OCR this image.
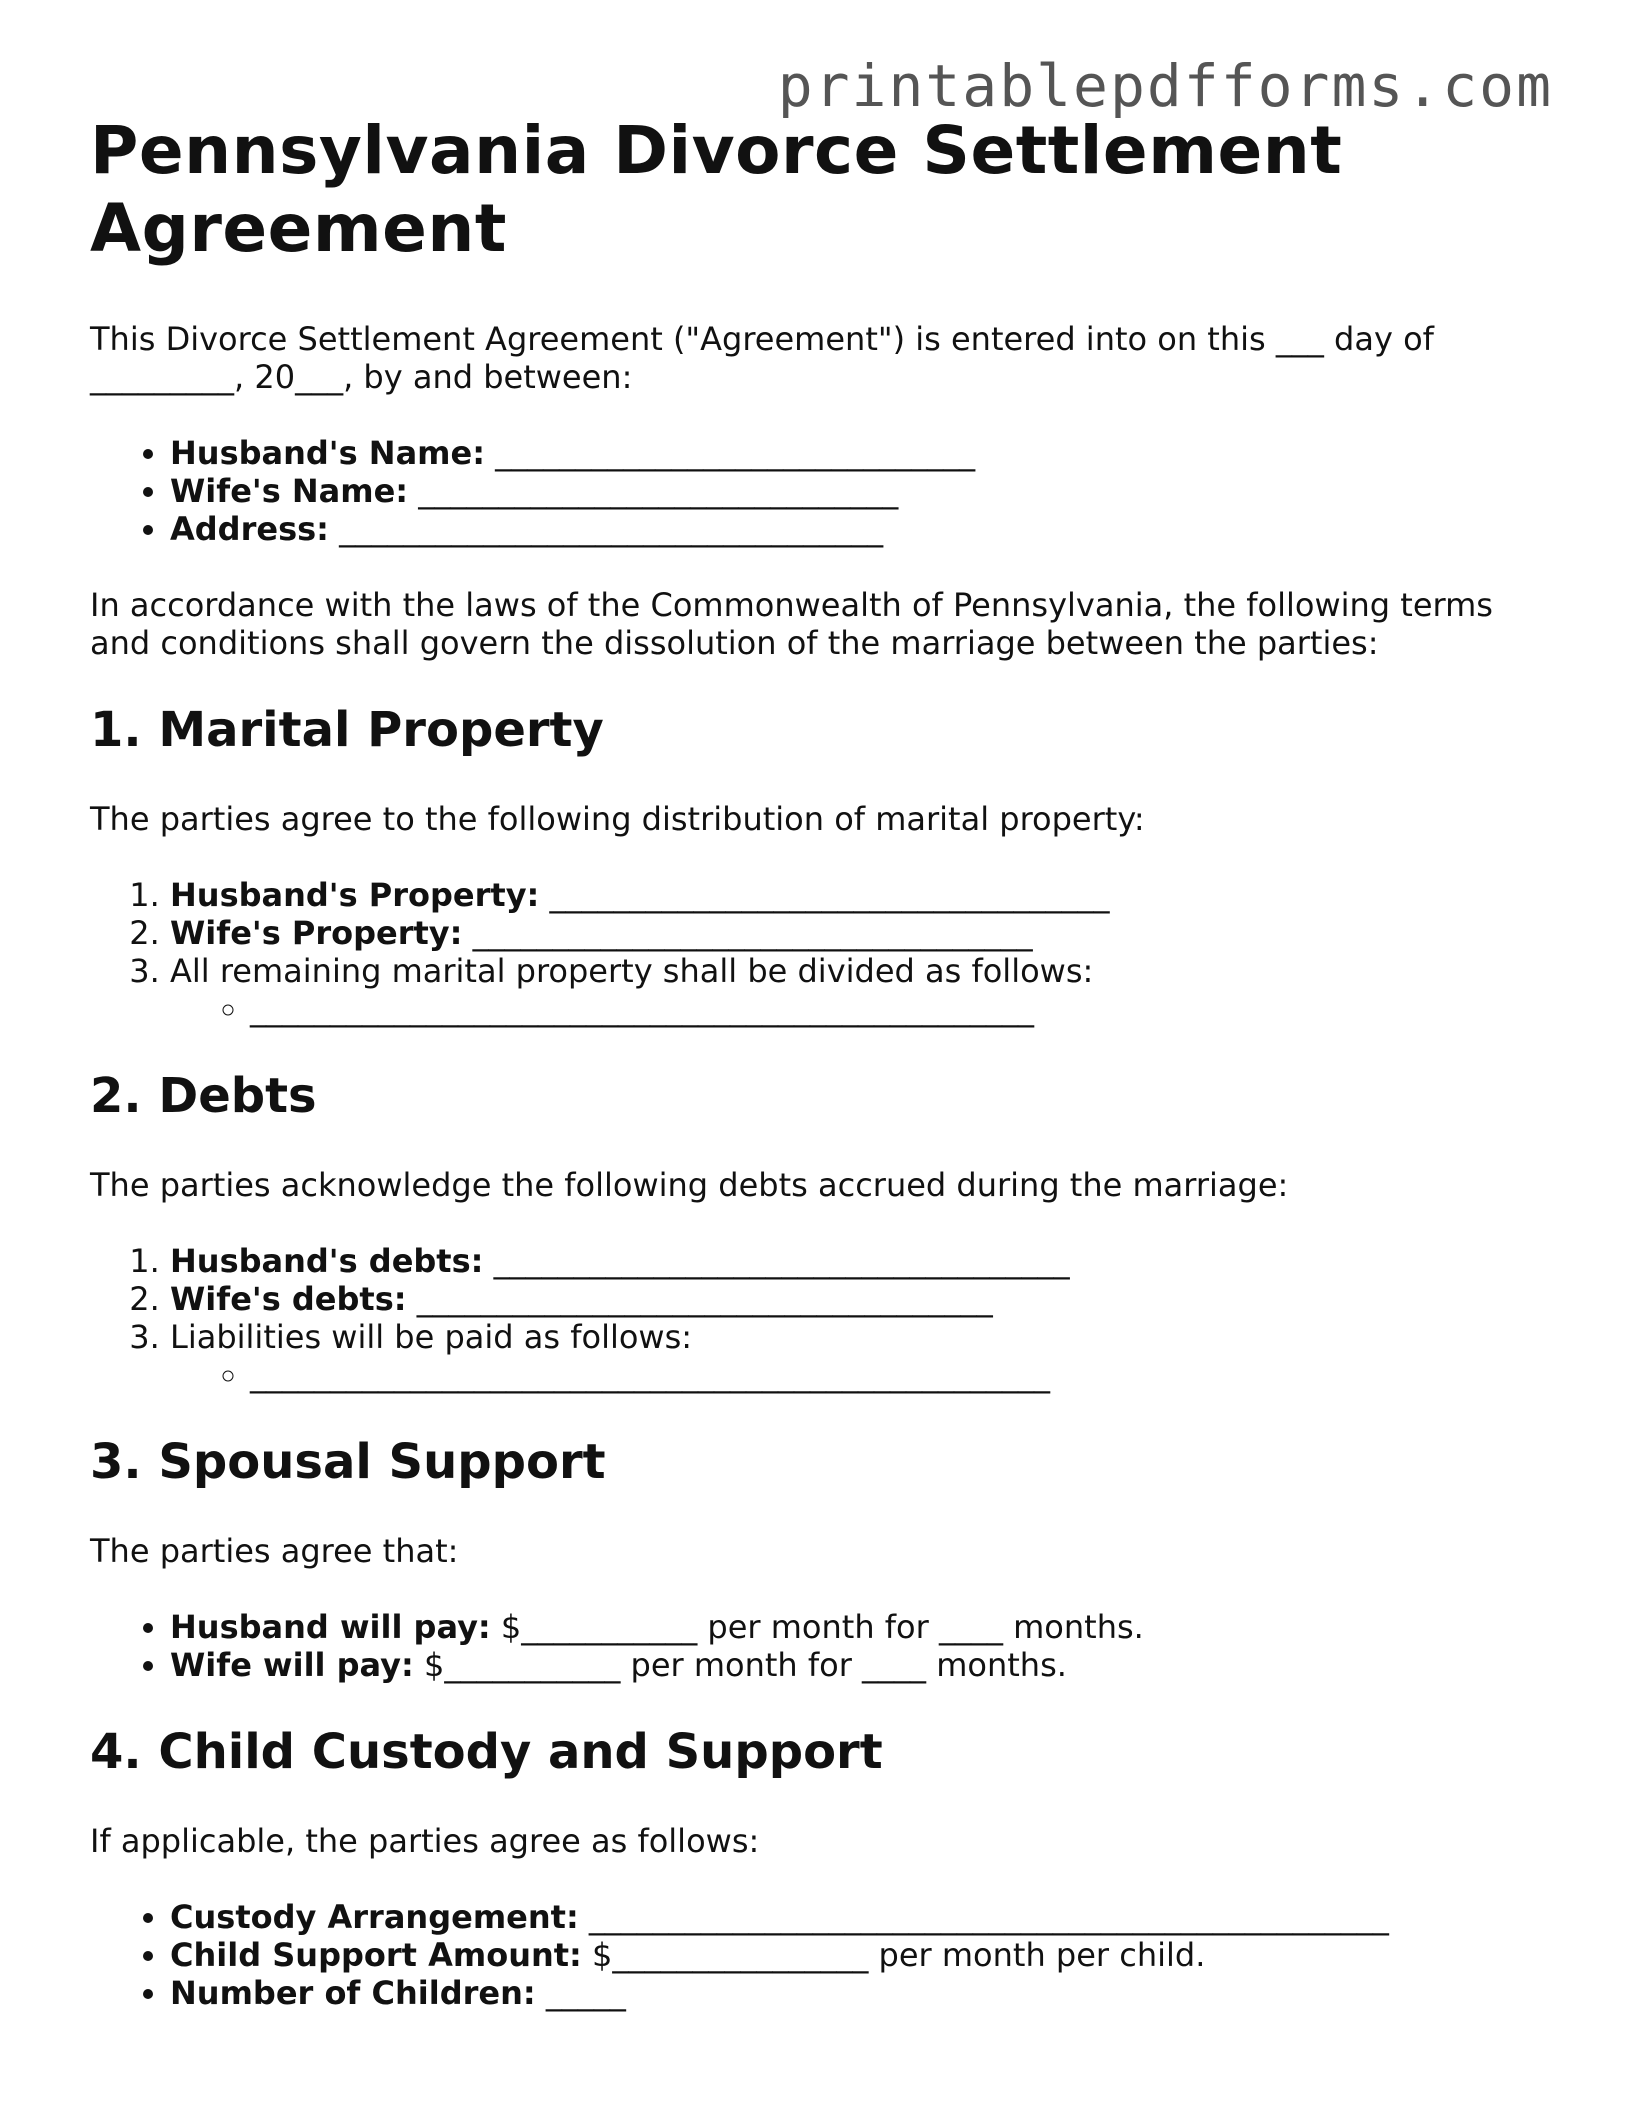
printablepdfforms.com
Pennsylvania Divorce Settlement Agreement

This Divorce Settlement Agreement ("Agreement") is entered into on this ___ day of _________, 20___, by and between:

• Husband's Name: ______________________________
• Wife's Name: ______________________________
• Address: __________________________________

In accordance with the laws of the Commonwealth of Pennsylvania, the following terms and conditions shall govern the dissolution of the marriage between the parties:

1. Marital Property

The parties agree to the following distribution of marital property:

1. Husband's Property: ___________________________________
2. Wife's Property: ___________________________________
3. All remaining marital property shall be divided as follows:
◦ _________________________________________________
2. Debts

The parties acknowledge the following debts accrued during the marriage:

1. Husband's debts: ____________________________________
2. Wife's debts: ____________________________________
3. Liabilities will be paid as follows:
◦ __________________________________________________
3. Spousal Support

The parties agree that:

• Husband will pay: $___________ per month for ____ months.
• Wife will pay: $___________ per month for ____ months.
4. Child Custody and Support

If applicable, the parties agree as follows:

• Custody Arrangement: __________________________________________________
• Child Support Amount: $________________ per month per child.
• Number of Children: _____
